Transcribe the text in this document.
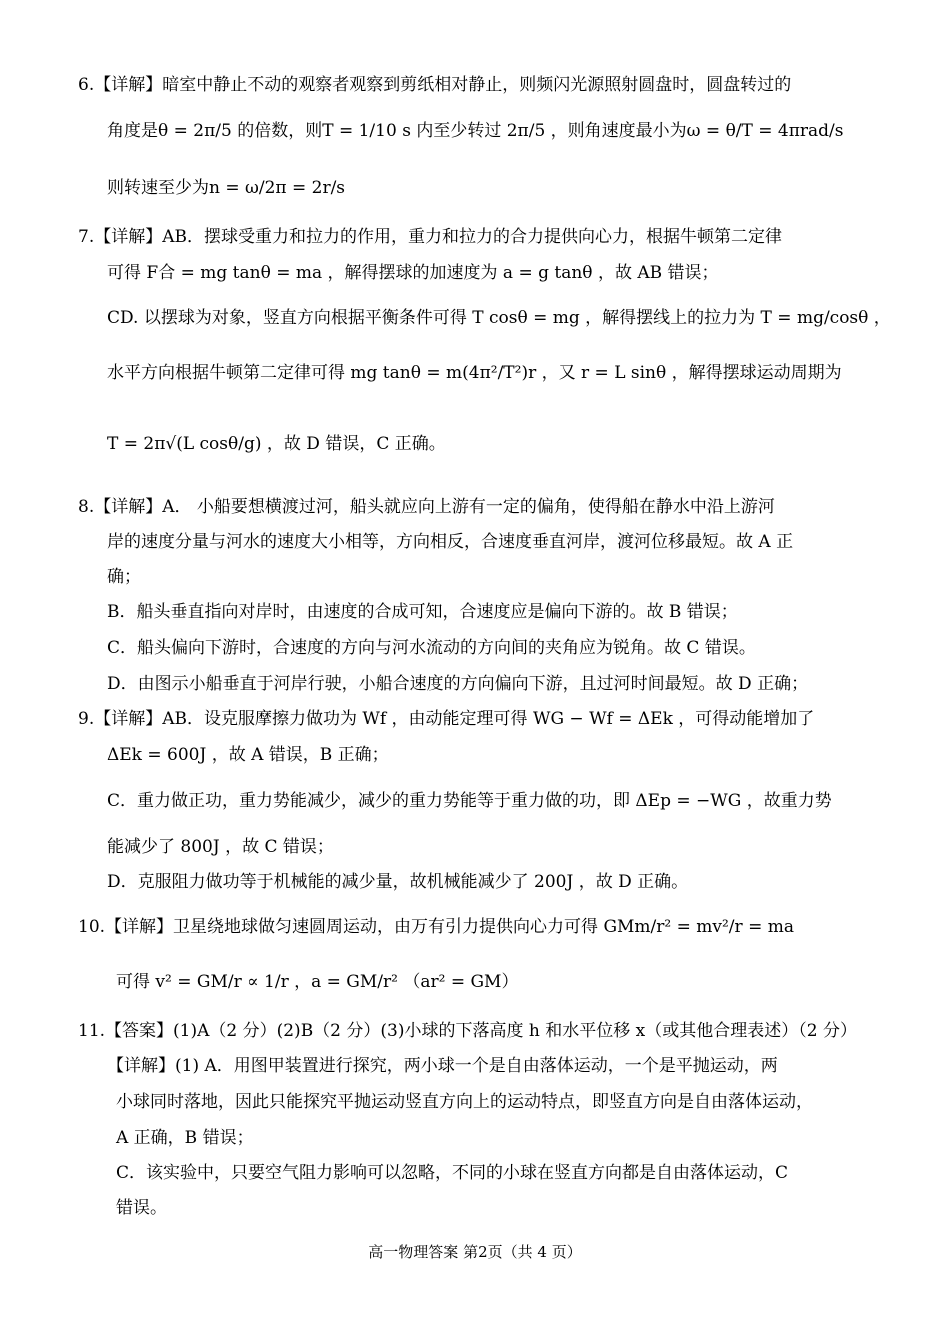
6.【详解】暗室中静止不动的观察者观察到剪纸相对静止，则频闪光源照射圆盘时，圆盘转过的
角度是θ = 2π/5 的倍数，则T = 1/10 s 内至少转过 2π/5 ，则角速度最小为ω = θ/T = 4πrad/s
则转速至少为n = ω/2π = 2r/s
7.【详解】AB．摆球受重力和拉力的作用，重力和拉力的合力提供向心力，根据牛顿第二定律
可得 F合 = mg tanθ = ma ，解得摆球的加速度为 a = g tanθ ，故 AB 错误；
CD. 以摆球为对象，竖直方向根据平衡条件可得 T cosθ = mg ，解得摆线上的拉力为 T = mg/cosθ ，
水平方向根据牛顿第二定律可得 mg tanθ = m(4π²/T²)r ，又 r = L sinθ ，解得摆球运动周期为
T = 2π√(L cosθ/g) ，故 D 错误，C 正确。
8.【详解】A． 小船要想横渡过河，船头就应向上游有一定的偏角，使得船在静水中沿上游河
岸的速度分量与河水的速度大小相等，方向相反，合速度垂直河岸，渡河位移最短。故 A 正
确；
B．船头垂直指向对岸时，由速度的合成可知，合速度应是偏向下游的。故 B 错误；
C．船头偏向下游时，合速度的方向与河水流动的方向间的夹角应为锐角。故 C 错误。
D．由图示小船垂直于河岸行驶，小船合速度的方向偏向下游，且过河时间最短。故 D 正确；
9.【详解】AB．设克服摩擦力做功为 Wf ，由动能定理可得 WG − Wf = ΔEk ，可得动能增加了
ΔEk = 600J ，故 A 错误，B 正确；
C．重力做正功，重力势能减少，减少的重力势能等于重力做的功，即 ΔEp = −WG ，故重力势
能减少了 800J ，故 C 错误；
D．克服阻力做功等于机械能的减少量，故机械能减少了 200J ，故 D 正确。
10.【详解】卫星绕地球做匀速圆周运动，由万有引力提供向心力可得 GMm/r² = mv²/r = ma
可得 v² = GM/r ∝ 1/r ，a = GM/r² （ar² = GM）
11.【答案】(1)A（2 分）(2)B（2 分）(3)小球的下落高度 h 和水平位移 x（或其他合理表述）（2 分）
【详解】(1) A．用图甲装置进行探究，两小球一个是自由落体运动，一个是平抛运动，两
小球同时落地，因此只能探究平抛运动竖直方向上的运动特点，即竖直方向是自由落体运动，
A 正确，B 错误；
C．该实验中，只要空气阻力影响可以忽略，不同的小球在竖直方向都是自由落体运动，C
错误。
高一物理答案 第2页（共 4 页）
